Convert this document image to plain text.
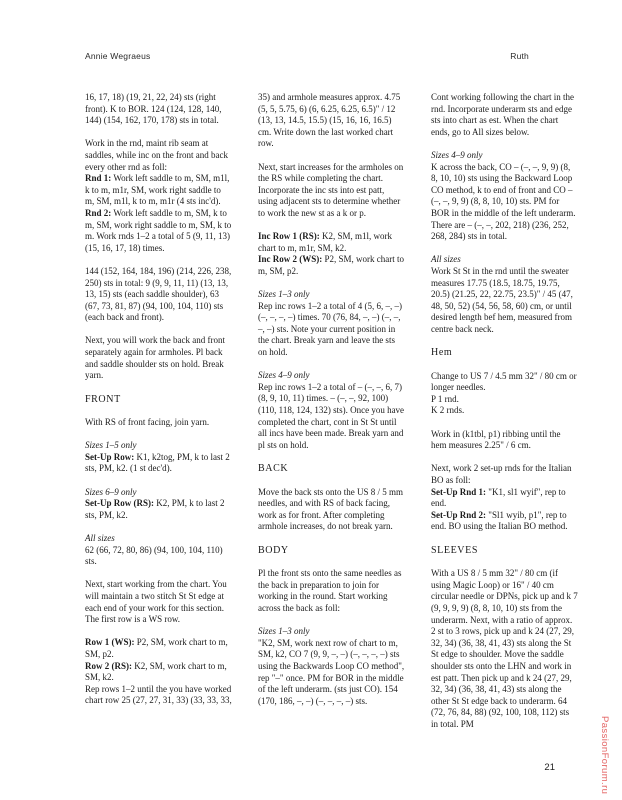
Annie Wegraeus	Ruth
16, 17, 18) (19, 21, 22, 24) sts (right front). K to BOR. 124 (124, 128, 140, 144) (154, 162, 170, 178) sts in total.
Work in the rnd, maint rib seam at saddles, while inc on the front and back every other rnd as foll:
Rnd 1: Work left saddle to m, SM, m1l, k to m, m1r, SM, work right saddle to m, SM, m1l, k to m, m1r (4 sts inc'd).
Rnd 2: Work left saddle to m, SM, k to m, SM, work right saddle to m, SM, k to m. Work rnds 1–2 a total of 5 (9, 11, 13) (15, 16, 17, 18) times.
144 (152, 164, 184, 196) (214, 226, 238, 250) sts in total: 9 (9, 9, 11, 11) (13, 13, 13, 15) sts (each saddle shoulder), 63 (67, 73, 81, 87) (94, 100, 104, 110) sts (each back and front).
Next, you will work the back and front separately again for armholes. Pl back and saddle shoulder sts on hold. Break yarn.
FRONT
With RS of front facing, join yarn.
Sizes 1–5 only
Set-Up Row: K1, k2tog, PM, k to last 2 sts, PM, k2. (1 st dec'd).
Sizes 6–9 only
Set-Up Row (RS): K2, PM, k to last 2 sts, PM, k2.
All sizes
62 (66, 72, 80, 86) (94, 100, 104, 110) sts.
Next, start working from the chart. You will maintain a two stitch St St edge at each end of your work for this section. The first row is a WS row.
Row 1 (WS): P2, SM, work chart to m, SM, p2.
Row 2 (RS): K2, SM, work chart to m, SM, k2.
Rep rows 1–2 until the you have worked chart row 25 (27, 27, 31, 33) (33, 33, 33,
35) and armhole measures approx. 4.75 (5, 5, 5.75, 6) (6, 6.25, 6.25, 6.5)" / 12 (13, 13, 14.5, 15.5) (15, 16, 16, 16.5) cm. Write down the last worked chart row.
Next, start increases for the armholes on the RS while completing the chart. Incorporate the inc sts into est patt, using adjacent sts to determine whether to work the new st as a k or p.
Inc Row 1 (RS): K2, SM, m1l, work chart to m, m1r, SM, k2.
Inc Row 2 (WS): P2, SM, work chart to m, SM, p2.
Sizes 1–3 only
Rep inc rows 1–2 a total of 4 (5, 6, –, –) (–, –, –, –) times. 70 (76, 84, –, –) (–, –, –, –) sts. Note your current position in the chart. Break yarn and leave the sts on hold.
Sizes 4–9 only
Rep inc rows 1–2 a total of – (–, –, 6, 7) (8, 9, 10, 11) times. – (–, –, 92, 100) (110, 118, 124, 132) sts). Once you have completed the chart, cont in St St until all incs have been made. Break yarn and pl sts on hold.
BACK
Move the back sts onto the US 8 / 5 mm needles, and with RS of back facing, work as for front. After completing armhole increases, do not break yarn.
BODY
Pl the front sts onto the same needles as the back in preparation to join for working in the round. Start working across the back as foll:
Sizes 1–3 only
"K2, SM, work next row of chart to m, SM, k2, CO 7 (9, 9, –, –) (–, –, –, –) sts using the Backwards Loop CO method", rep "–" once. PM for BOR in the middle of the left underarm. (sts just CO). 154 (170, 186, –, –) (–, –, –, –) sts.
Cont working following the chart in the rnd. Incorporate underarm sts and edge sts into chart as est. When the chart ends, go to All sizes below.
Sizes 4–9 only
K across the back, CO – (–, –, 9, 9) (8, 8, 10, 10) sts using the Backward Loop CO method, k to end of front and CO – (–, –, 9, 9) (8, 8, 10, 10) sts. PM for BOR in the middle of the left underarm. There are – (–, –, 202, 218) (236, 252, 268, 284) sts in total.
All sizes
Work St St in the rnd until the sweater measures 17.75 (18.5, 18.75, 19.75, 20.5) (21.25, 22, 22.75, 23.5)" / 45 (47, 48, 50, 52) (54, 56, 58, 60) cm, or until desired length bef hem, measured from centre back neck.
Hem
Change to US 7 / 4.5 mm 32" / 80 cm or longer needles.
P 1 rnd.
K 2 rnds.
Work in (k1tbl, p1) ribbing until the hem measures 2.25" / 6 cm.
Next, work 2 set-up rnds for the Italian BO as foll:
Set-Up Rnd 1: "K1, sl1 wyif", rep to end.
Set-Up Rnd 2: "Sl1 wyib, p1", rep to end. BO using the Italian BO method.
SLEEVES
With a US 8 / 5 mm 32" / 80 cm (if using Magic Loop) or 16" / 40 cm circular needle or DPNs, pick up and k 7 (9, 9, 9, 9) (8, 8, 10, 10) sts from the underarm. Next, with a ratio of approx. 2 st to 3 rows, pick up and k 24 (27, 29, 32, 34) (36, 38, 41, 43) sts along the St St edge to shoulder. Move the saddle shoulder sts onto the LHN and work in est patt. Then pick up and k 24 (27, 29, 32, 34) (36, 38, 41, 43) sts along the other St St edge back to underarm. 64 (72, 76, 84, 88) (92, 100, 108, 112) sts in total. PM
21	PassionForum.ru
